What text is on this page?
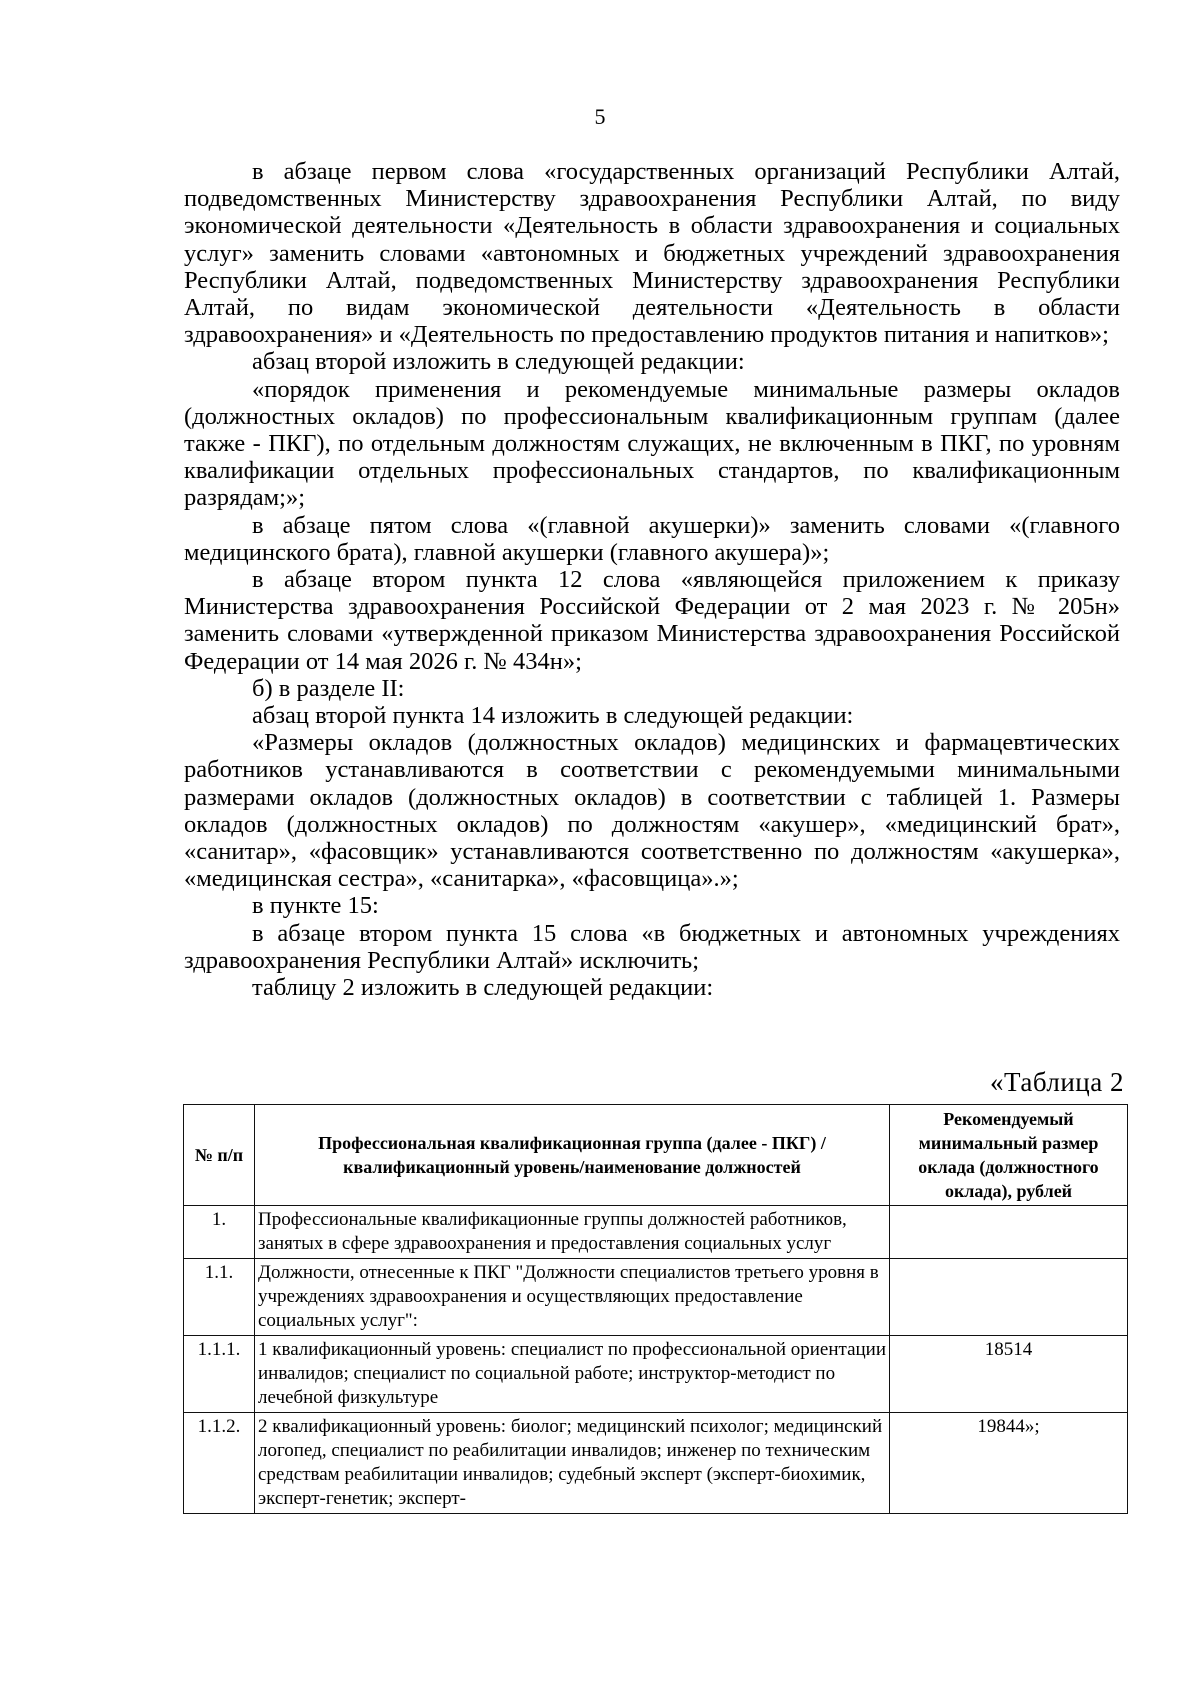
5

в абзаце первом слова «государственных организаций Республики Алтай, подведомственных Министерству здравоохранения Республики Алтай, по виду экономической деятельности «Деятельность в области здравоохранения и социальных услуг» заменить словами «автономных и бюджетных учреждений здравоохранения Республики Алтай, подведомственных Министерству здравоохранения Республики Алтай, по видам экономической деятельности «Деятельность в области здравоохранения» и «Деятельность по предоставлению продуктов питания и напитков»;

абзац второй изложить в следующей редакции:

«порядок применения и рекомендуемые минимальные размеры окладов (должностных окладов) по профессиональным квалификационным группам (далее также - ПКГ), по отдельным должностям служащих, не включенным в ПКГ, по уровням квалификации отдельных профессиональных стандартов, по квалификационным разрядам;»;

в абзаце пятом слова «(главной акушерки)» заменить словами «(главного медицинского брата), главной акушерки (главного акушера)»;

в абзаце втором пункта 12 слова «являющейся приложением к приказу Министерства здравоохранения Российской Федерации от 2 мая 2023 г. № 205н» заменить словами «утвержденной приказом Министерства здравоохранения Российской Федерации от 14 мая 2026 г. № 434н»;

б) в разделе II:

абзац второй пункта 14 изложить в следующей редакции:

«Размеры окладов (должностных окладов) медицинских и фармацевтических работников устанавливаются в соответствии с рекомендуемыми минимальными размерами окладов (должностных окладов) в соответствии с таблицей 1. Размеры окладов (должностных окладов) по должностям «акушер», «медицинский брат», «санитар», «фасовщик» устанавливаются соответственно по должностям «акушерка», «медицинская сестра», «санитарка», «фасовщица».»;

в пункте 15:

в абзаце втором пункта 15 слова «в бюджетных и автономных учреждениях здравоохранения Республики Алтай» исключить;

таблицу 2 изложить в следующей редакции:

«Таблица 2
№ п/п	Профессиональная квалификационная группа (далее - ПКГ) / квалификационный уровень/наименование должностей	Рекомендуемый минимальный размер оклада (должностного оклада), рублей
1.	Профессиональные квалификационные группы должностей работников, занятых в сфере здравоохранения и предоставления социальных услуг	
1.1.	Должности, отнесенные к ПКГ "Должности специалистов третьего уровня в учреждениях здравоохранения и осуществляющих предоставление социальных услуг":	
1.1.1.	1 квалификационный уровень: специалист по профессиональной ориентации инвалидов; специалист по социальной работе; инструктор-методист по лечебной физкультуре	18514
1.1.2.	2 квалификационный уровень: биолог; медицинский психолог; медицинский логопед, специалист по реабилитации инвалидов; инженер по техническим средствам реабилитации инвалидов; судебный эксперт (эксперт-биохимик, эксперт-генетик; эксперт-	19844»;
